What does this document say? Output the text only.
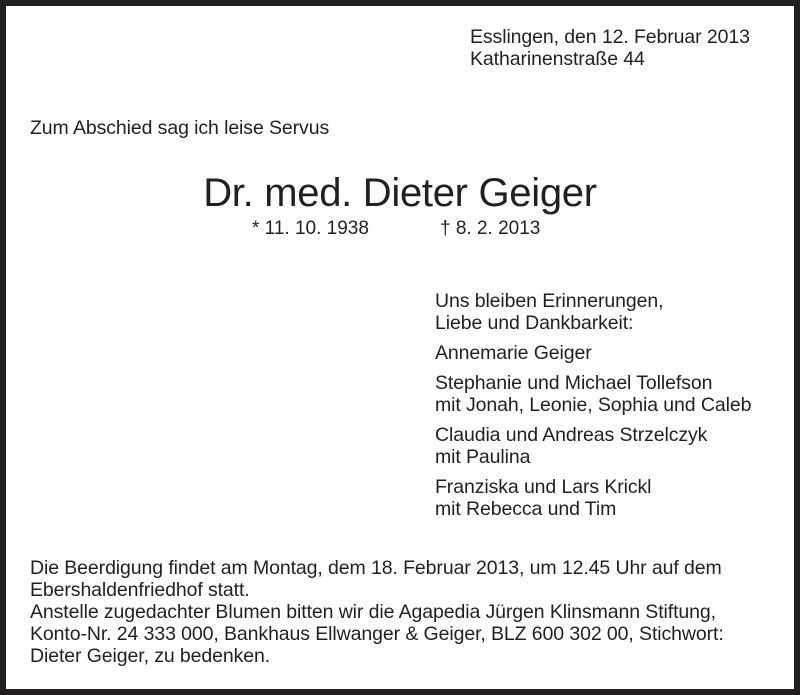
Esslingen, den 12. Februar 2013
Katharinenstraße 44
Zum Abschied sag ich leise Servus
Dr. med. Dieter Geiger
* 11. 10. 1938	† 8. 2. 2013
Uns bleiben Erinnerungen,
Liebe und Dankbarkeit:
Annemarie Geiger
Stephanie und Michael Tollefson
mit Jonah, Leonie, Sophia und Caleb
Claudia und Andreas Strzelczyk
mit Paulina
Franziska und Lars Krickl
mit Rebecca und Tim
Die Beerdigung findet am Montag, dem 18. Februar 2013, um 12.45 Uhr auf dem
Ebershaldenfriedhof statt.
Anstelle zugedachter Blumen bitten wir die Agapedia Jürgen Klinsmann Stiftung,
Konto-Nr. 24 333 000, Bankhaus Ellwanger & Geiger, BLZ 600 302 00, Stichwort:
Dieter Geiger, zu bedenken.
